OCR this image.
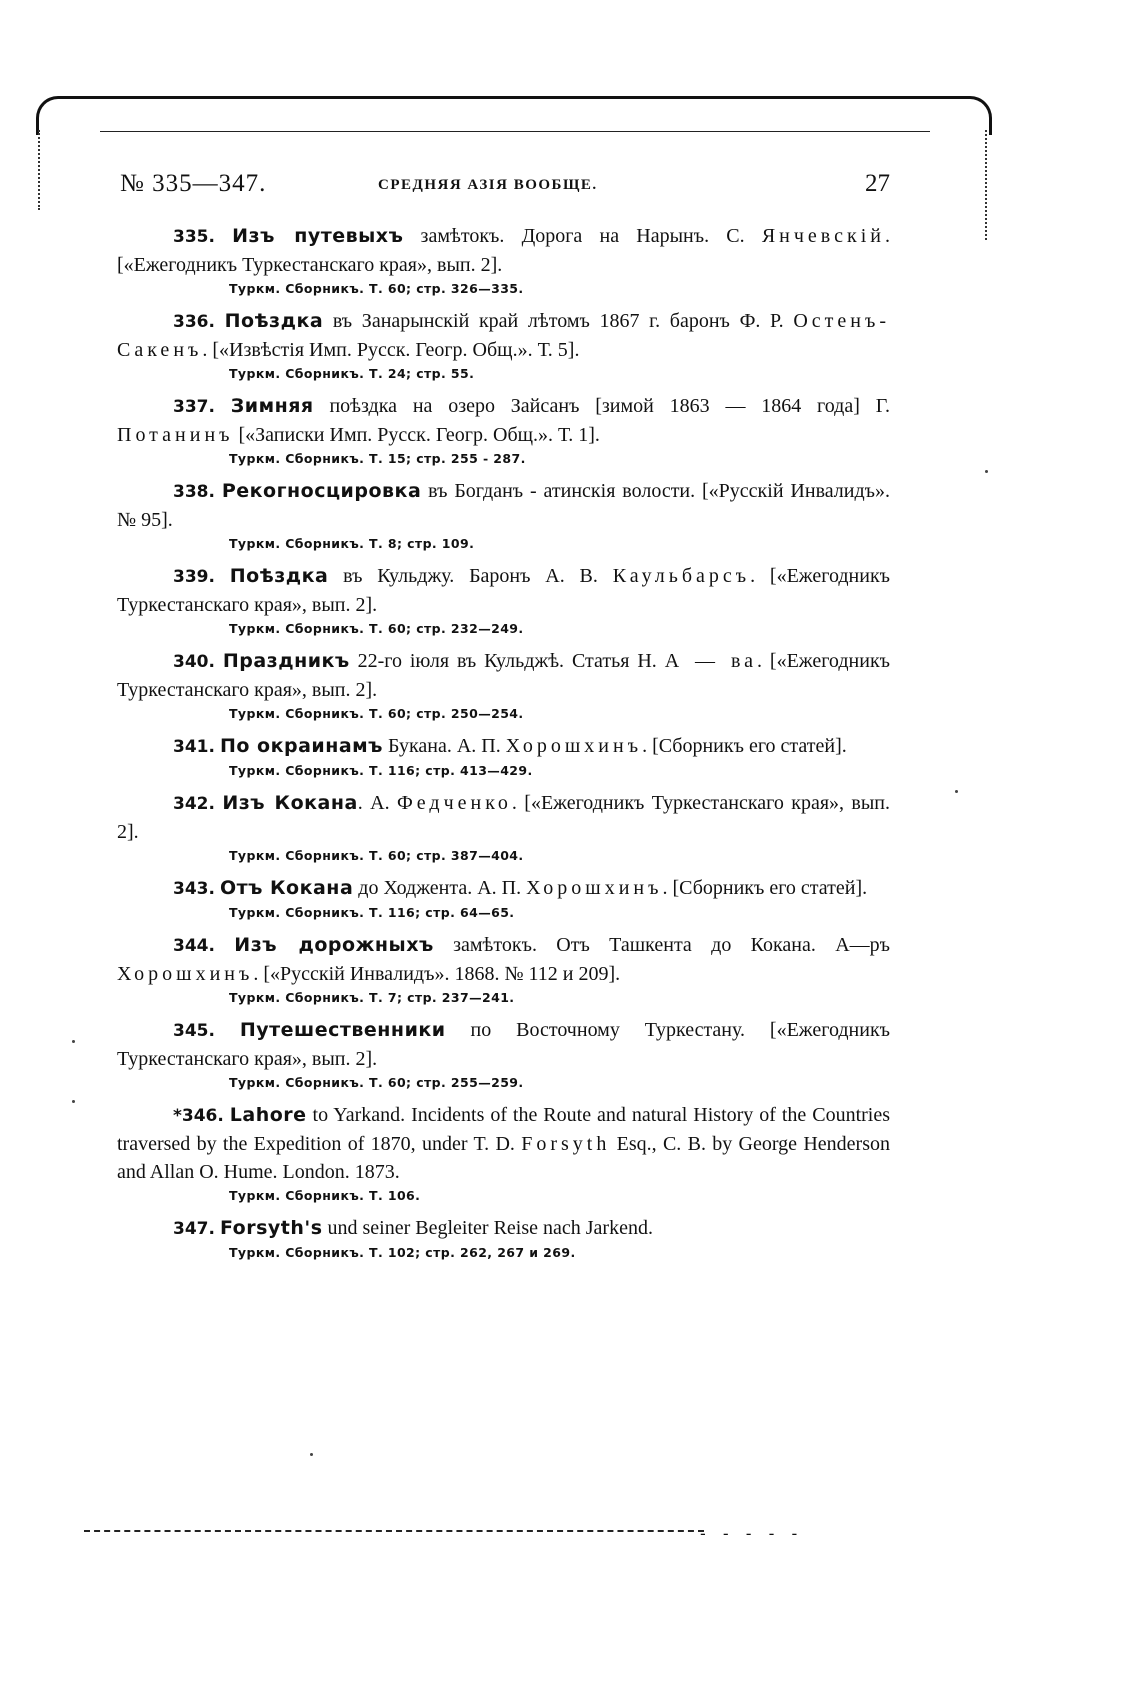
№ 335—347.	СРЕДНЯЯ АЗІЯ ВООБЩЕ.	27

335. Изъ путевыхъ замѣтокъ. Дорога на Нарынъ. С. Янчевскій. [«Ежегодникъ Туркестанскаго края», вып. 2].

Туркм. Сборникъ. Т. 60; стр. 326—335.

336. Поѣздка въ Занарынскій край лѣтомъ 1867 г. баронъ Ф. Р. Остенъ-Сакенъ. [«Извѣстія Имп. Русск. Геогр. Общ.». Т. 5].

Туркм. Сборникъ. Т. 24; стр. 55.

337. Зимняя поѣздка на озеро Зайсанъ [зимой 1863 — 1864 года] Г. Потанинъ [«Записки Имп. Русск. Геогр. Общ.». Т. 1].

Туркм. Сборникъ. Т. 15; стр. 255 - 287.

338. Рекогносцировка въ Богданъ - атинскія волости. [«Русскій Инвалидъ». № 95].

Туркм. Сборникъ. Т. 8; стр. 109.

339. Поѣздка въ Кульджу. Баронъ А. В. Каульбарсъ. [«Ежегодникъ Туркестанскаго края», вып. 2].

Туркм. Сборникъ. Т. 60; стр. 232—249.

340. Праздникъ 22-го іюля въ Кульджѣ. Статья Н. А — ва. [«Ежегодникъ Туркестанскаго края», вып. 2].

Туркм. Сборникъ. Т. 60; стр. 250—254.

341. По окраинамъ Букана. А. П. Хорошхинъ. [Сборникъ его статей].

Туркм. Сборникъ. Т. 116; стр. 413—429.

342. Изъ Кокана. А. Федченко. [«Ежегодникъ Туркестанскаго края», вып. 2].

Туркм. Сборникъ. Т. 60; стр. 387—404.

343. Отъ Кокана до Ходжента. А. П. Хорошхинъ. [Сборникъ его статей].

Туркм. Сборникъ. Т. 116; стр. 64—65.

344. Изъ дорожныхъ замѣтокъ. Отъ Ташкента до Кокана. А—ръ Хорошхинъ. [«Русскій Инвалидъ». 1868. № 112 и 209].

Туркм. Сборникъ. Т. 7; стр. 237—241.

345. Путешественники по Восточному Туркестану. [«Ежегодникъ Туркестанскаго края», вып. 2].

Туркм. Сборникъ. Т. 60; стр. 255—259.

*346. Lahore to Yarkand. Incidents of the Route and natural History of the Countries traversed by the Expedition of 1870, under T. D. Forsyth Esq., C. B. by George Henderson and Allan O. Hume. London. 1873.

Туркм. Сборникъ. Т. 106.

347. Forsyth's und seiner Begleiter Reise nach Jarkend.

Туркм. Сборникъ. Т. 102; стр. 262, 267 и 269.
- - - - -
